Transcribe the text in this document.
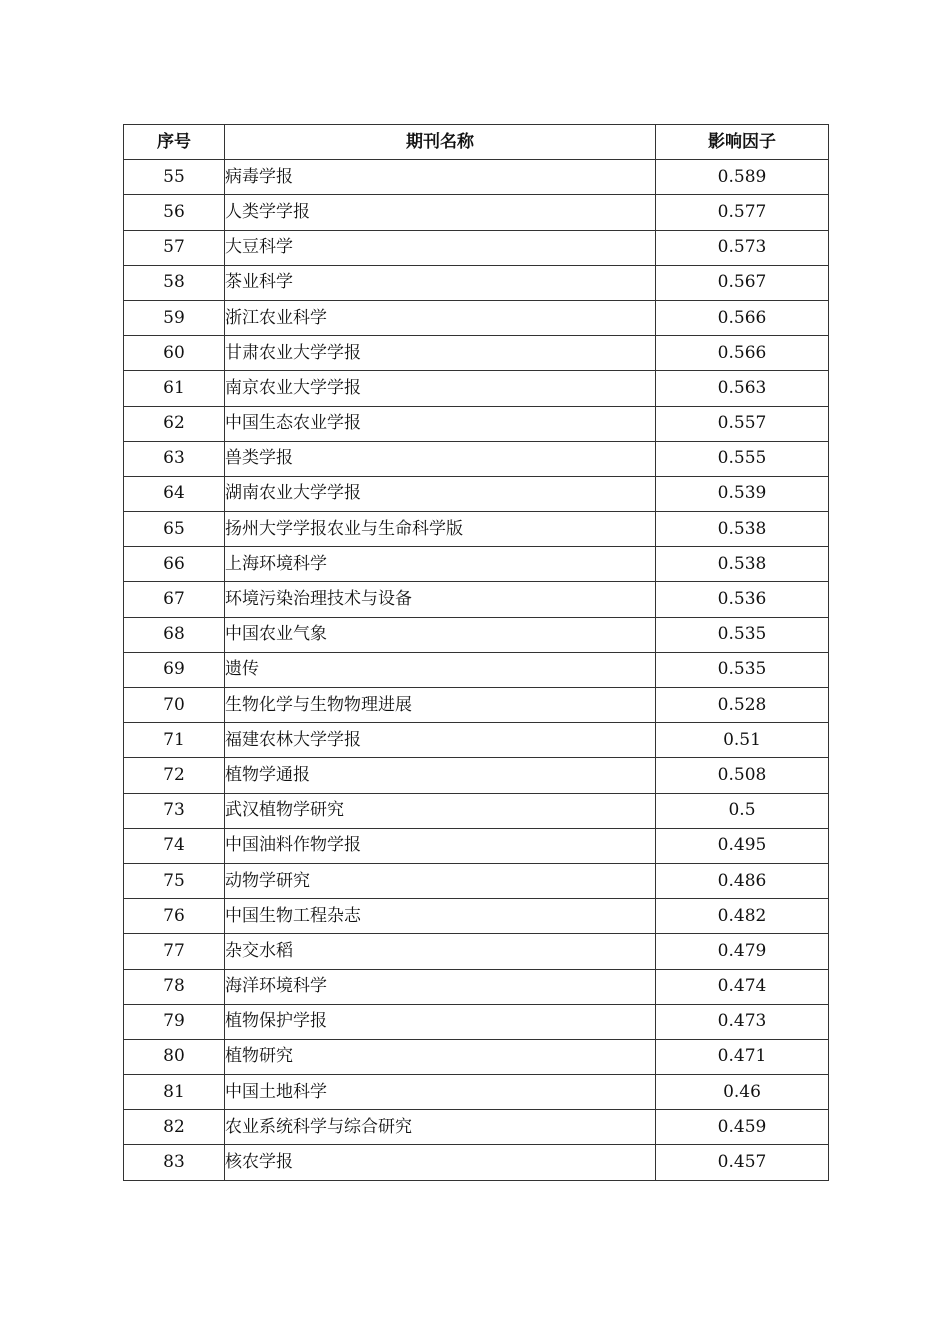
序号	期刊名称	影响因子
55	病毒学报	0.589
56	人类学学报	0.577
57	大豆科学	0.573
58	茶业科学	0.567
59	浙江农业科学	0.566
60	甘肃农业大学学报	0.566
61	南京农业大学学报	0.563
62	中国生态农业学报	0.557
63	兽类学报	0.555
64	湖南农业大学学报	0.539
65	扬州大学学报农业与生命科学版	0.538
66	上海环境科学	0.538
67	环境污染治理技术与设备	0.536
68	中国农业气象	0.535
69	遗传	0.535
70	生物化学与生物物理进展	0.528
71	福建农林大学学报	0.51
72	植物学通报	0.508
73	武汉植物学研究	0.5
74	中国油料作物学报	0.495
75	动物学研究	0.486
76	中国生物工程杂志	0.482
77	杂交水稻	0.479
78	海洋环境科学	0.474
79	植物保护学报	0.473
80	植物研究	0.471
81	中国土地科学	0.46
82	农业系统科学与综合研究	0.459
83	核农学报	0.457
